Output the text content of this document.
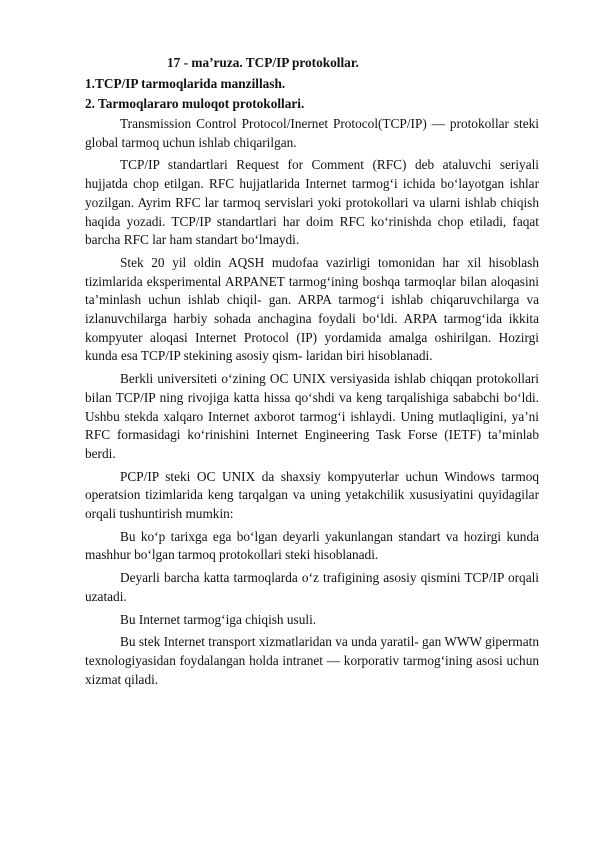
17 - ma’ruza. TCP/IP protokollar.
1.TCP/IP tarmoqlarida manzillash.
2. Tarmoqlararo muloqot protokollari.

Transmission Control Protocol/Inernet Protocol(TCP/IP) — protokollar steki global tarmoq uchun ishlab chiqarilgan.

TCP/IP standartlari Request for Comment (RFC) deb ataluvchi seriyali hujjatda chop etilgan. RFC hujjatlarida Internet tarmog‘i ichida bo‘layotgan ishlar yozilgan. Ayrim RFC lar tarmoq servislari yoki protokollari va ularni ishlab chiqish haqida yozadi. TCP/IP standartlari har doim RFC ko‘rinishda chop etiladi, faqat barcha RFC lar ham standart bo‘lmaydi.

Stek 20 yil oldin AQSH mudofaa vazirligi tomonidan har xil hisoblash tizimlarida eksperimental ARPANET tarmog‘ining boshqa tarmoqlar bilan aloqasini ta’minlash uchun ishlab chiqil- gan. ARPA tarmog‘i ishlab chiqaruvchilarga va izlanuvchilarga harbiy sohada anchagina foydali bo‘ldi. ARPA tarmog‘ida ikkita kompyuter aloqasi Internet Protocol (IP) yordamida amalga oshirilgan. Hozirgi kunda esa TCP/IP stekining asosiy qism- laridan biri hisoblanadi.

Berkli universiteti o‘zining OC UNIX versiyasida ishlab chiqqan protokollari bilan TCP/IP ning rivojiga katta hissa qo‘shdi va keng tarqalishiga sababchi bo‘ldi. Ushbu stekda xalqaro Internet axborot tarmog‘i ishlaydi. Uning mutlaqligini, ya’ni RFC formasidagi ko‘rinishini Internet Engineering Task Forse (IETF) ta’minlab berdi.

PCP/IP steki OC UNIX da shaxsiy kompyuterlar uchun Windows tarmoq operatsion tizimlarida keng tarqalgan va uning yetakchilik xususiyatini quyidagilar orqali tushuntirish mumkin:

Bu ko‘p tarixga ega bo‘lgan deyarli yakunlangan standart va hozirgi kunda mashhur bo‘lgan tarmoq protokollari steki hisoblanadi.

Deyarli barcha katta tarmoqlarda o‘z trafigining asosiy qismini TCP/IP orqali uzatadi.

Bu Internet tarmog‘iga chiqish usuli.

Bu stek Internet transport xizmatlaridan va unda yaratil- gan WWW gipermatn texnologiyasidan foydalangan holda intranet — korporativ tarmog‘ining asosi uchun xizmat qiladi.
